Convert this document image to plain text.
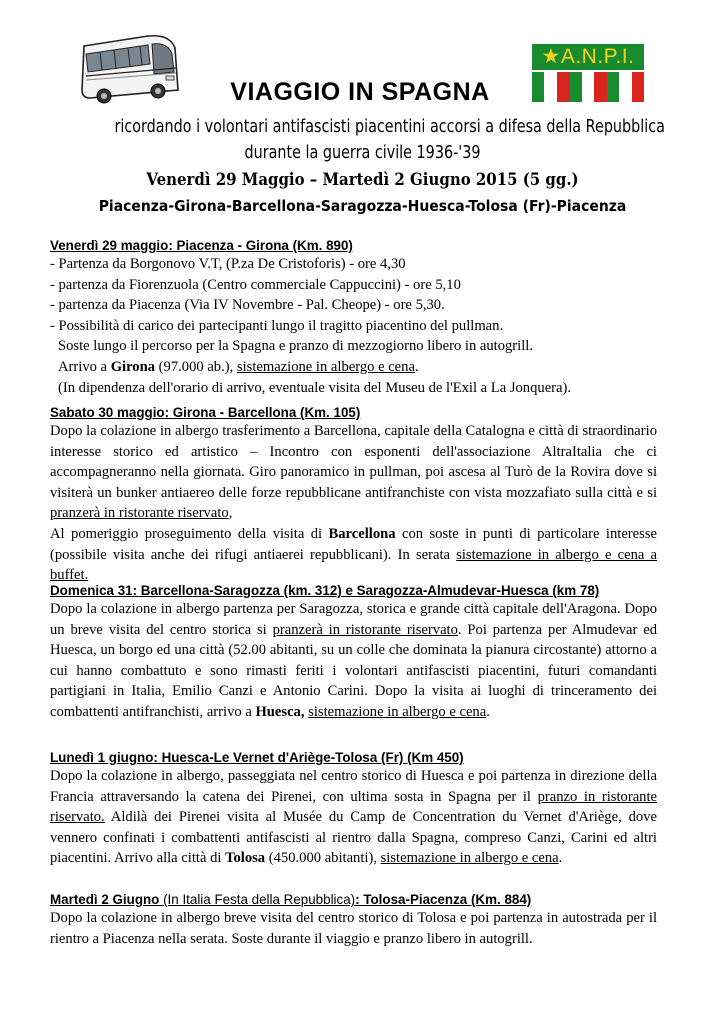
★A.N.P.I.
VIAGGIO IN SPAGNA
ricordando i volontari antifascisti piacentini accorsi a difesa della Repubblica
durante la guerra civile 1936-'39
Venerdì 29 Maggio – Martedì 2 Giugno 2015 (5 gg.)
Piacenza-Girona-Barcellona-Saragozza-Huesca-Tolosa (Fr)-Piacenza
Venerdì 29 maggio: Piacenza - Girona (Km. 890)
- Partenza da Borgonovo V.T, (P.za De Cristoforis) - ore 4,30
- partenza da Fiorenzuola (Centro commerciale Cappuccini) - ore 5,10
- partenza da Piacenza (Via IV Novembre - Pal. Cheope) - ore 5,30.
- Possibilità di carico dei partecipanti lungo il tragitto piacentino del pullman.
Soste lungo il percorso per la Spagna e pranzo di mezzogiorno libero in autogrill.
Arrivo a Girona (97.000 ab.), sistemazione in albergo e cena.
(In dipendenza dell'orario di arrivo, eventuale visita del Museu de l'Exil a La Jonquera).
Sabato 30 maggio: Girona - Barcellona (Km. 105)
Dopo la colazione in albergo trasferimento a Barcellona, capitale della Catalogna e città di straordinario interesse storico ed artistico – Incontro con esponenti dell'associazione AltraItalia che ci accompagneranno nella giornata. Giro panoramico in pullman, poi ascesa al Turò de la Rovira dove si visiterà un bunker antiaereo delle forze repubblicane antifranchiste con vista mozzafiato sulla città e si pranzerà in ristorante riservato,
Al pomeriggio proseguimento della visita di Barcellona con soste in punti di particolare interesse (possibile visita anche dei rifugi antiaerei repubblicani). In serata sistemazione in albergo e cena a buffet.
Domenica 31: Barcellona-Saragozza (km. 312) e Saragozza-Almudevar-Huesca (km 78)
Dopo la colazione in albergo partenza per Saragozza, storica e grande città capitale dell'Aragona. Dopo un breve visita del centro storica si pranzerà in ristorante riservato. Poi partenza per Almudevar ed Huesca, un borgo ed una città (52.00 abitanti, su un colle che dominata la pianura circostante) attorno a cui hanno combattuto e sono rimasti feriti i volontari antifascisti piacentini, futuri comandanti partigiani in Italia, Emilio Canzi e Antonio Carini. Dopo la visita ai luoghi di trinceramento dei combattenti antifranchisti, arrivo a Huesca, sistemazione in albergo e cena.
Lunedì 1 giugno: Huesca-Le Vernet d'Ariège-Tolosa (Fr) (Km 450)
Dopo la colazione in albergo, passeggiata nel centro storico di Huesca e poi partenza in direzione della Francia attraversando la catena dei Pirenei, con ultima sosta in Spagna per il pranzo in ristorante riservato. Aldilà dei Pirenei visita al Musée du Camp de Concentration du Vernet d'Ariège, dove vennero confinati i combattenti antifascisti al rientro dalla Spagna, compreso Canzi, Carini ed altri piacentini. Arrivo alla città di Tolosa (450.000 abitanti), sistemazione in albergo e cena.
Martedì 2 Giugno (In Italia Festa della Repubblica): Tolosa-Piacenza (Km. 884)
Dopo la colazione in albergo breve visita del centro storico di Tolosa e poi partenza in autostrada per il rientro a Piacenza nella serata. Soste durante il viaggio e pranzo libero in autogrill.
